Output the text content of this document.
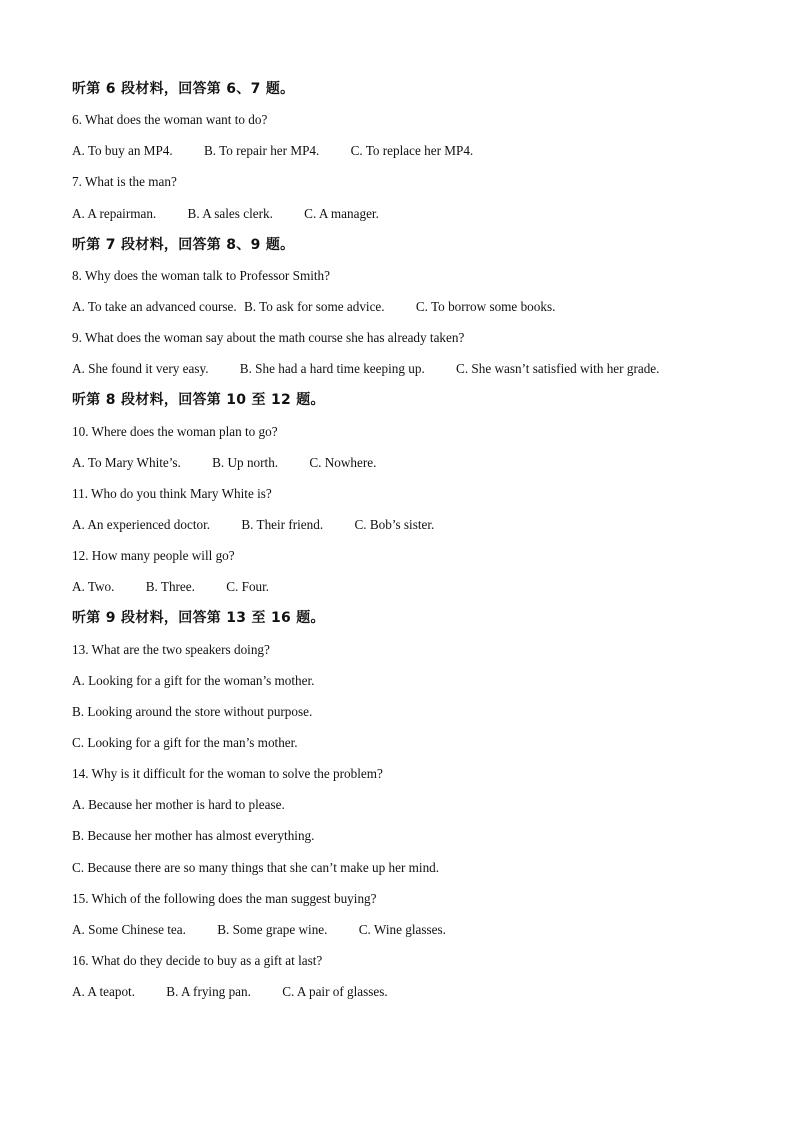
听第 6 段材料，回答第 6、7 题。
6. What does the woman want to do?
A. To buy an MP4. B. To repair her MP4. C. To replace her MP4.
7. What is the man?
A. A repairman. B. A sales clerk. C. A manager.
听第 7 段材料，回答第 8、9 题。
8. Why does the woman talk to Professor Smith?
A. To take an advanced course. B. To ask for some advice. C. To borrow some books.
9. What does the woman say about the math course she has already taken?
A. She found it very easy. B. She had a hard time keeping up. C. She wasn’t satisfied with her grade.
听第 8 段材料，回答第 10 至 12 题。
10. Where does the woman plan to go?
A. To Mary White’s. B. Up north. C. Nowhere.
11. Who do you think Mary White is?
A. An experienced doctor. B. Their friend. C. Bob’s sister.
12. How many people will go?
A. Two. B. Three. C. Four.
听第 9 段材料，回答第 13 至 16 题。
13. What are the two speakers doing?
A. Looking for a gift for the woman’s mother.
B. Looking around the store without purpose.
C. Looking for a gift for the man’s mother.
14. Why is it difficult for the woman to solve the problem?
A. Because her mother is hard to please.
B. Because her mother has almost everything.
C. Because there are so many things that she can’t make up her mind.
15. Which of the following does the man suggest buying?
A. Some Chinese tea. B. Some grape wine. C. Wine glasses.
16. What do they decide to buy as a gift at last?
A. A teapot. B. A frying pan. C. A pair of glasses.
